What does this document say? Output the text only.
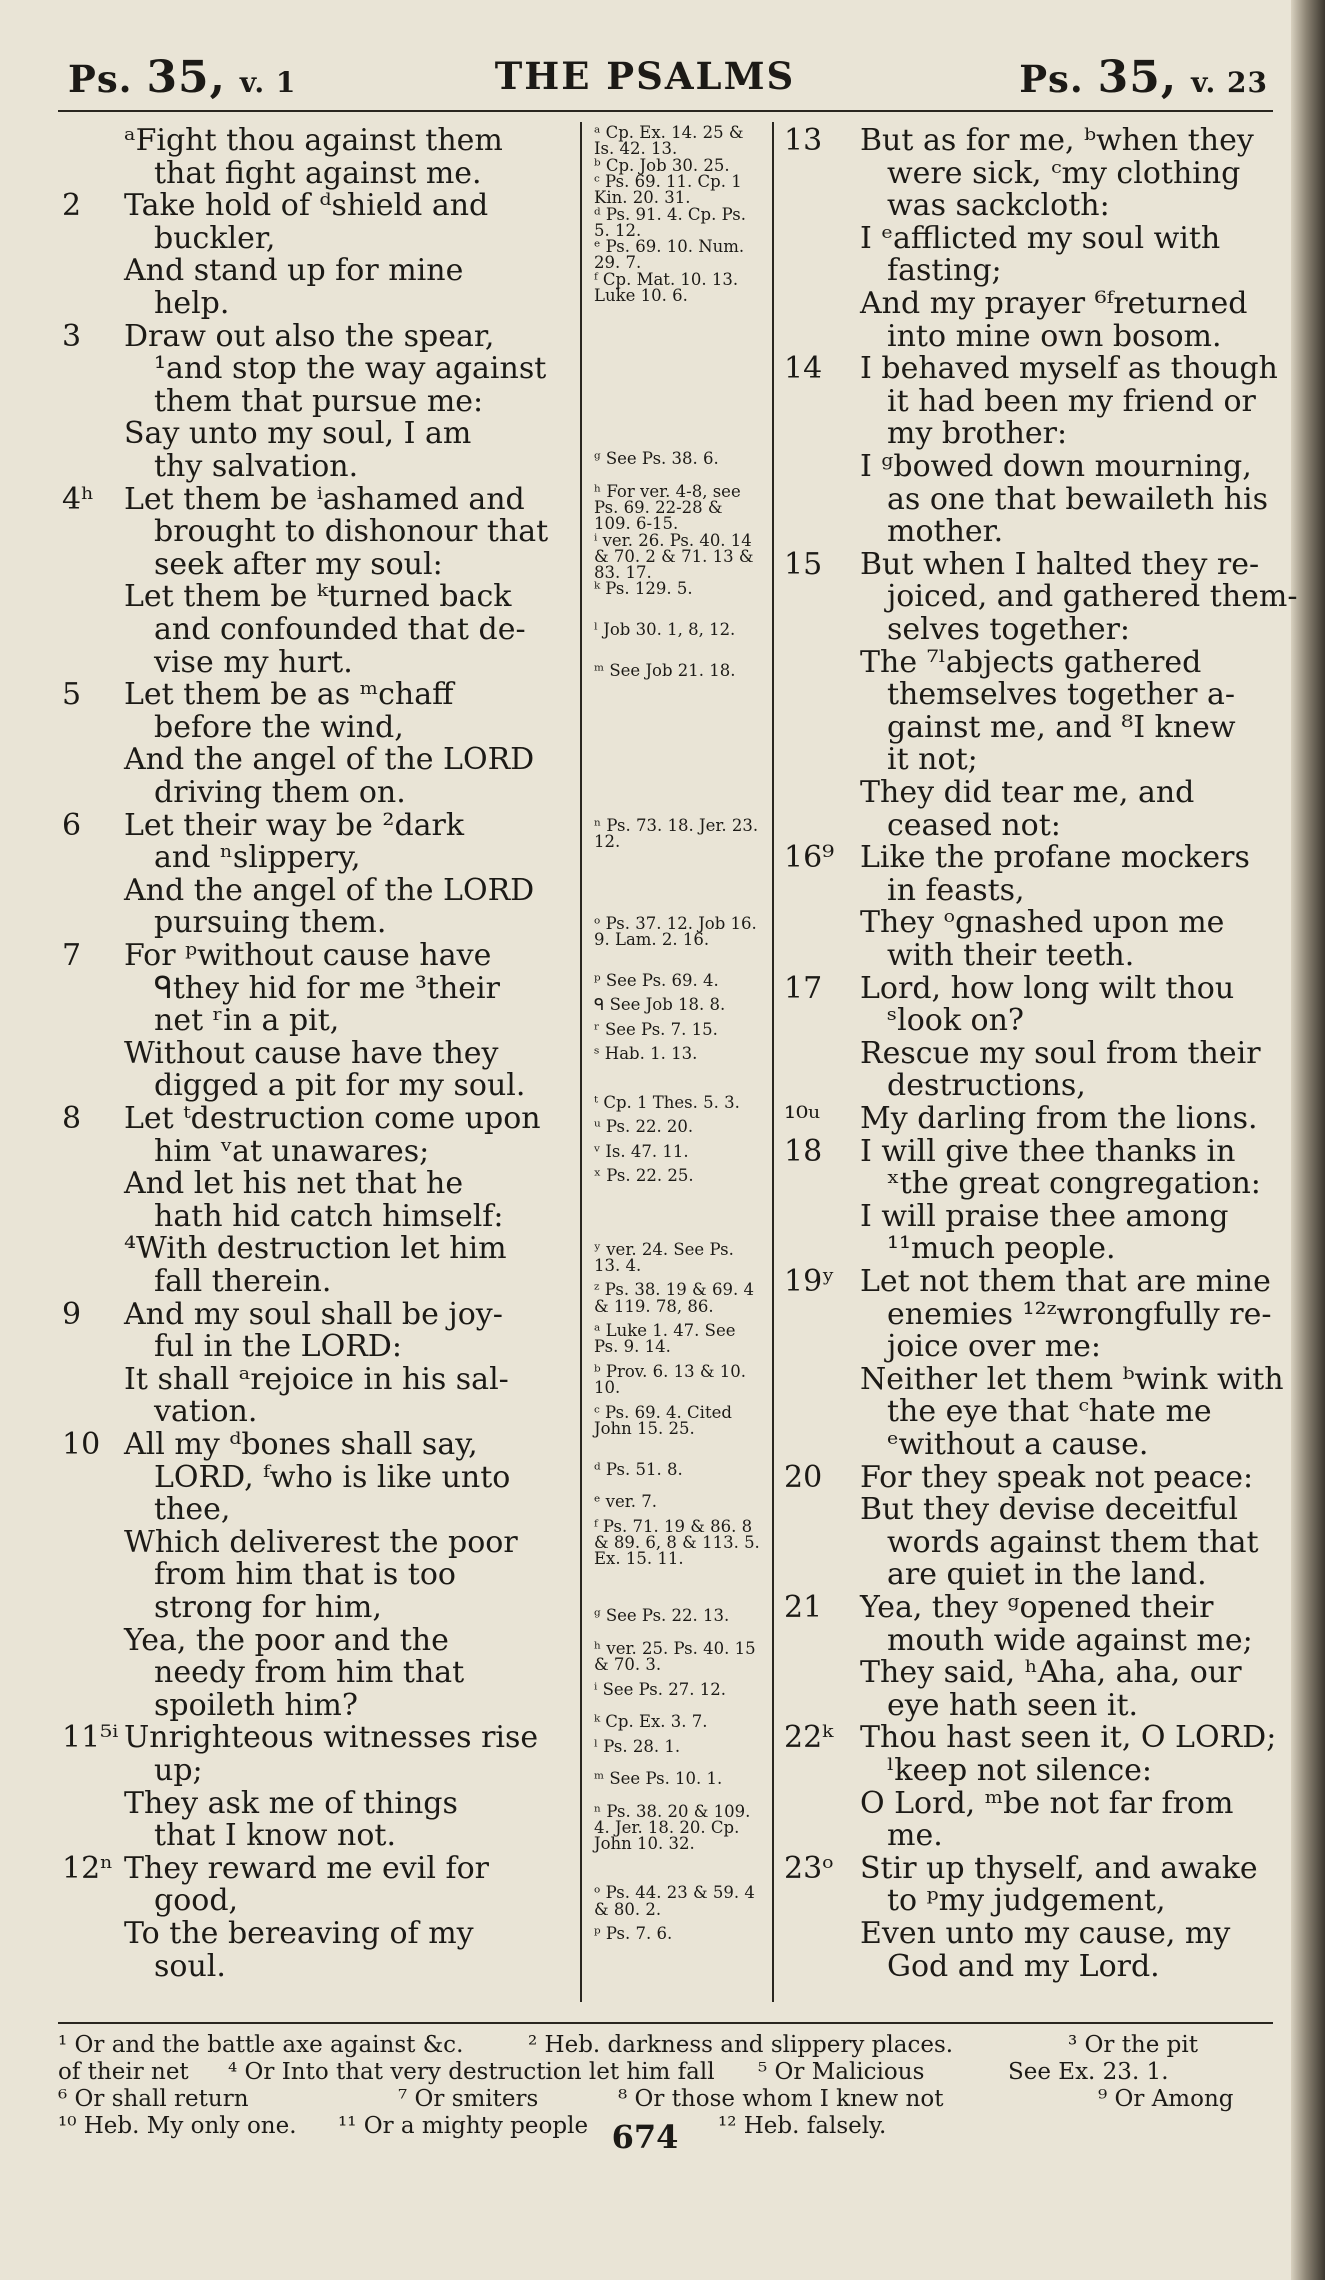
Ps. 35, v. 1	THE PSALMS	Ps. 35, v. 23
ᵃFight thou against them
that fight against me.
2 Take hold of ᵈshield and
buckler,
And stand up for mine
help.
3 Draw out also the spear,
¹and stop the way against
them that pursue me:
Say unto my soul, I am
thy salvation.
4ʰ Let them be ⁱashamed and
brought to dishonour that
seek after my soul:
Let them be ᵏturned back
and confounded that de-
vise my hurt.
5 Let them be as ᵐchaff
before the wind,
And the angel of the LORD
driving them on.
6 Let their way be ²dark
and ⁿslippery,
And the angel of the LORD
pursuing them.
7 For ᵖwithout cause have
ᑫthey hid for me ³their
net ʳin a pit,
Without cause have they
digged a pit for my soul.
8 Let ᵗdestruction come upon
him ᵛat unawares;
And let his net that he
hath hid catch himself:
⁴With destruction let him
fall therein.
9 And my soul shall be joy-
ful in the LORD:
It shall ᵃrejoice in his sal-
vation.
10 All my ᵈbones shall say,
LORD, ᶠwho is like unto
thee,
Which deliverest the poor
from him that is too
strong for him,
Yea, the poor and the
needy from him that
spoileth him?
11⁵ⁱ Unrighteous witnesses rise
up;
They ask me of things
that I know not.
12ⁿ They reward me evil for
good,
To the bereaving of my
soul.
ᵃ Cp. Ex. 14. 25 & Is. 42. 13.
ᵇ Cp. Job 30. 25.
ᶜ Ps. 69. 11. Cp. 1 Kin. 20. 31.
ᵈ Ps. 91. 4. Cp. Ps. 5. 12.
ᵉ Ps. 69. 10. Num. 29. 7.
ᶠ Cp. Mat. 10. 13. Luke 10. 6.
ᵍ See Ps. 38. 6.
ʰ For ver. 4-8, see Ps. 69. 22-28 & 109. 6-15.
ⁱ ver. 26. Ps. 40. 14 & 70. 2 & 71. 13 & 83. 17.
ᵏ Ps. 129. 5.
ˡ Job 30. 1, 8, 12.
ᵐ See Job 21. 18.
ⁿ Ps. 73. 18. Jer. 23. 12.
ᵒ Ps. 37. 12. Job 16. 9. Lam. 2. 16.
ᵖ See Ps. 69. 4.
ᑫ See Job 18. 8.
ʳ See Ps. 7. 15.
ˢ Hab. 1. 13.
ᵗ Cp. 1 Thes. 5. 3.
ᵘ Ps. 22. 20.
ᵛ Is. 47. 11.
ˣ Ps. 22. 25.
ʸ ver. 24. See Ps. 13. 4.
ᶻ Ps. 38. 19 & 69. 4 & 119. 78, 86.
ᵃ Luke 1. 47. See Ps. 9. 14.
ᵇ Prov. 6. 13 & 10. 10.
ᶜ Ps. 69. 4. Cited John 15. 25.
ᵈ Ps. 51. 8.
ᵉ ver. 7.
ᶠ Ps. 71. 19 & 86. 8 & 89. 6, 8 & 113. 5. Ex. 15. 11.
ᵍ See Ps. 22. 13.
ʰ ver. 25. Ps. 40. 15 & 70. 3.
ⁱ See Ps. 27. 12.
ᵏ Cp. Ex. 3. 7.
ˡ Ps. 28. 1.
ᵐ See Ps. 10. 1.
ⁿ Ps. 38. 20 & 109. 4. Jer. 18. 20. Cp. John 10. 32.
ᵒ Ps. 44. 23 & 59. 4 & 80. 2.
ᵖ Ps. 7. 6.
13 But as for me, ᵇwhen they
were sick, ᶜmy clothing
was sackcloth:
I ᵉafflicted my soul with
fasting;
And my prayer ⁶ᶠreturned
into mine own bosom.
14 I behaved myself as though
it had been my friend or
my brother:
I ᵍbowed down mourning,
as one that bewaileth his
mother.
15 But when I halted they re-
joiced, and gathered them-
selves together:
The ⁷ˡabjects gathered
themselves together a-
gainst me, and ⁸I knew
it not;
They did tear me, and
ceased not:
16⁹ Like the profane mockers
in feasts,
They ᵒgnashed upon me
with their teeth.
17 Lord, how long wilt thou
ˢlook on?
Rescue my soul from their
destructions,
¹⁰ᵘ My darling from the lions.
18 I will give thee thanks in
ˣthe great congregation:
I will praise thee among
¹¹much people.
19ʸ Let not them that are mine
enemies ¹²ᶻwrongfully re-
joice over me:
Neither let them ᵇwink with
the eye that ᶜhate me
ᵉwithout a cause.
20 For they speak not peace:
But they devise deceitful
words against them that
are quiet in the land.
21 Yea, they ᵍopened their
mouth wide against me;
They said, ʰAha, aha, our
eye hath seen it.
22ᵏ Thou hast seen it, O LORD;
ˡkeep not silence:
O Lord, ᵐbe not far from
me.
23ᵒ Stir up thyself, and awake
to ᵖmy judgement,
Even unto my cause, my
God and my Lord.
¹ Or and the battle axe against &c.	² Heb. darkness and slippery places.	³ Or the pit
of their net ⁴ Or Into that very destruction let him fall ⁵ Or Malicious	See Ex. 23. 1.
⁶ Or shall return	⁷ Or smiters	⁸ Or those whom I knew not	⁹ Or Among
¹⁰ Heb. My only one. ¹¹ Or a mighty people	¹² Heb. falsely.
674
